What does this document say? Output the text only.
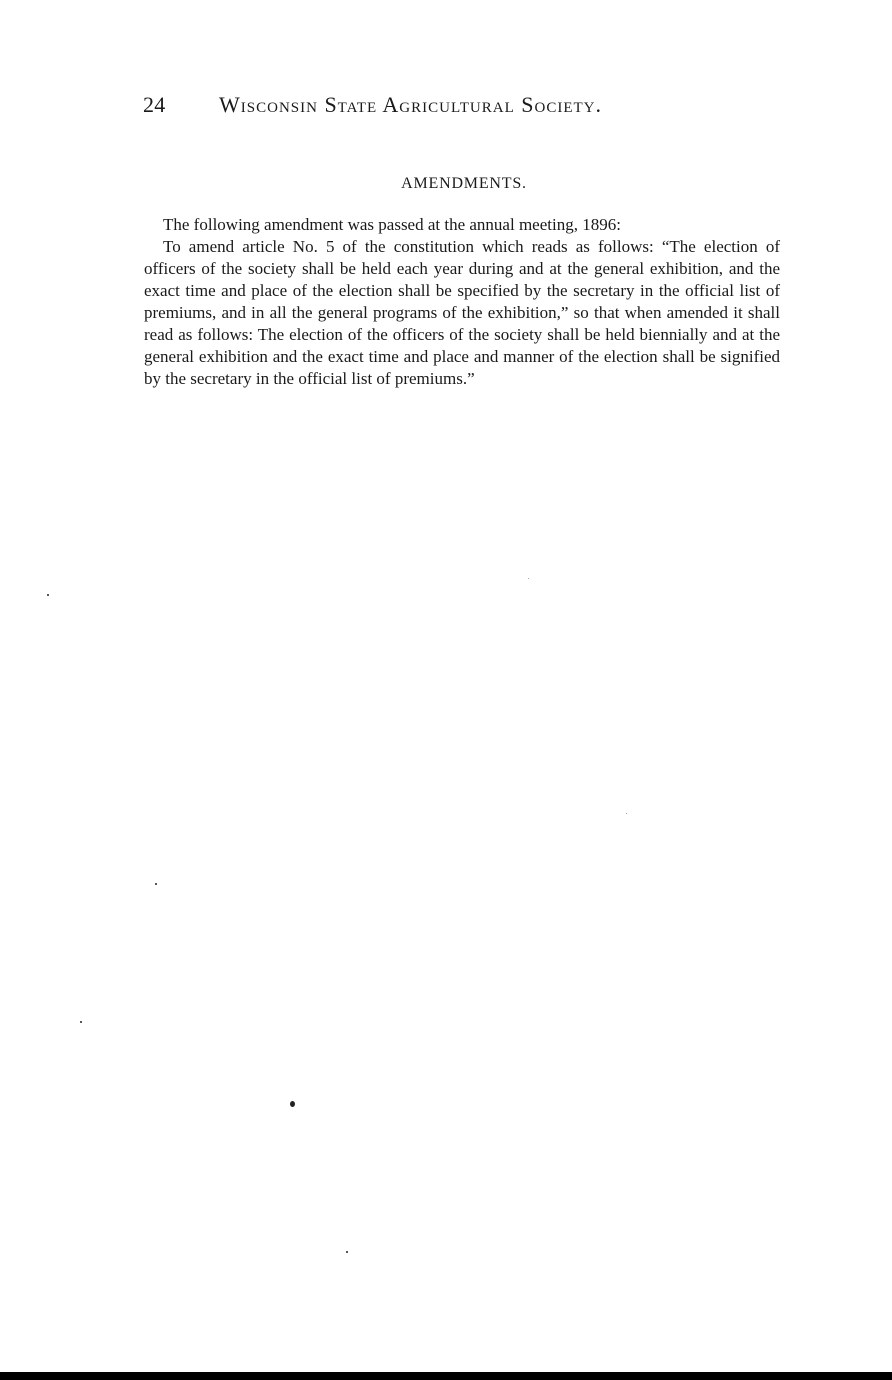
24 Wisconsin State Agricultural Society.
AMENDMENTS.

The following amendment was passed at the annual meeting, 1896:

To amend article No. 5 of the constitution which reads as follows: “The election of officers of the society shall be held each year during and at the general exhibition, and the exact time and place of the election shall be specified by the secretary in the official list of premiums, and in all the general programs of the exhibition,” so that when amended it shall read as follows: The election of the officers of the society shall be held biennially and at the general exhibition and the exact time and place and manner of the election shall be signified by the secretary in the official list of premiums.”
